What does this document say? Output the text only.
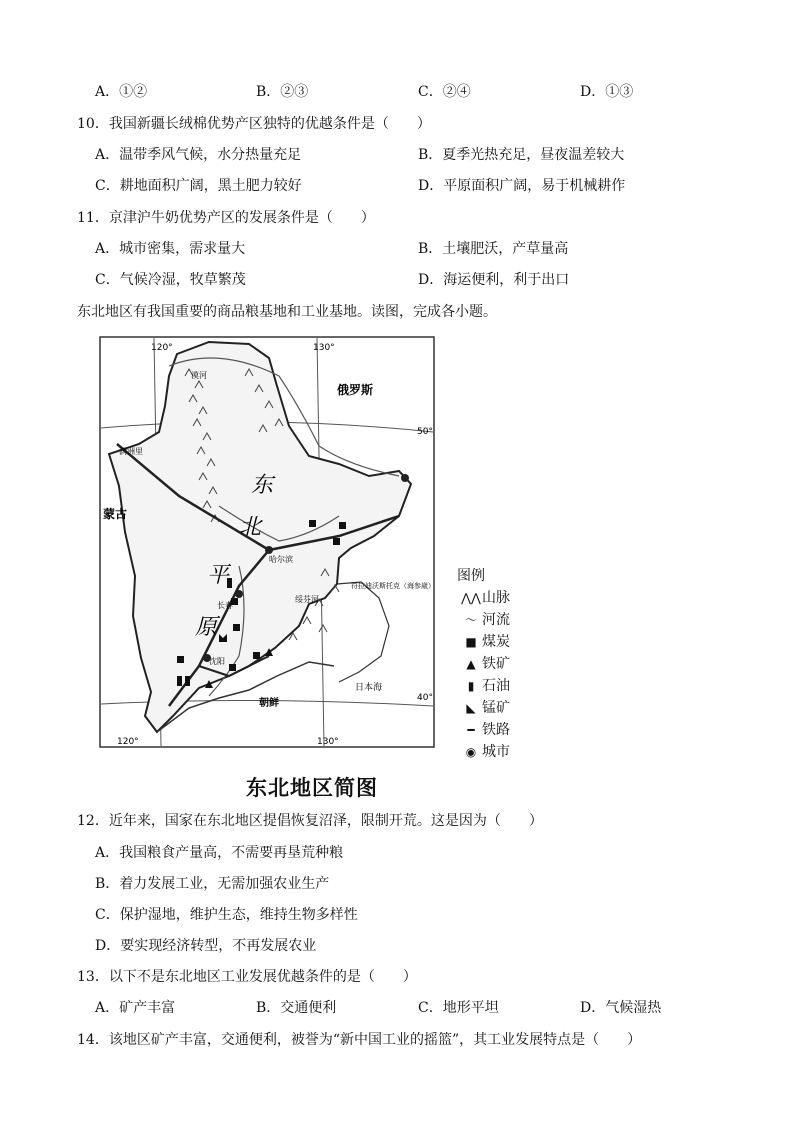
A．①②	B．②③	C．②④	D．①③
10．我国新疆长绒棉优势产区独特的优越条件是（　　）
A．温带季风气候，水分热量充足	B．夏季光热充足，昼夜温差较大
C．耕地面积广阔，黑土肥力较好	D．平原面积广阔，易于机械耕作
11．京津沪牛奶优势产区的发展条件是（　　）
A．城市密集，需求量大	B．土壤肥沃，产草量高
C．气候冷湿，牧草繁茂	D．海运便利，利于出口
东北地区有我国重要的商品粮基地和工业基地。读图，完成各小题。
120°	130°
120°	130°
50°
40°
俄罗斯
蒙古
满洲里
漠河
哈尔滨
长春
沈阳
绥芬河
符拉迪沃斯托克（海参崴）
朝鲜
日本海
东
北
平
原
图例
⋀⋀山脉
〜 河流
■ 煤炭
▲ 铁矿
▮ 石油
◣ 锰矿
━ 铁路
◉ 城市
东北地区简图
12．近年来，国家在东北地区提倡恢复沼泽，限制开荒。这是因为（　　）
A．我国粮食产量高，不需要再垦荒种粮
B．着力发展工业，无需加强农业生产
C．保护湿地，维护生态，维持生物多样性
D．要实现经济转型，不再发展农业
13．以下不是东北地区工业发展优越条件的是（　　）
A．矿产丰富	B．交通便利	C．地形平坦	D．气候湿热
14．该地区矿产丰富，交通便利，被誉为“新中国工业的摇篮”，其工业发展特点是（　　）
